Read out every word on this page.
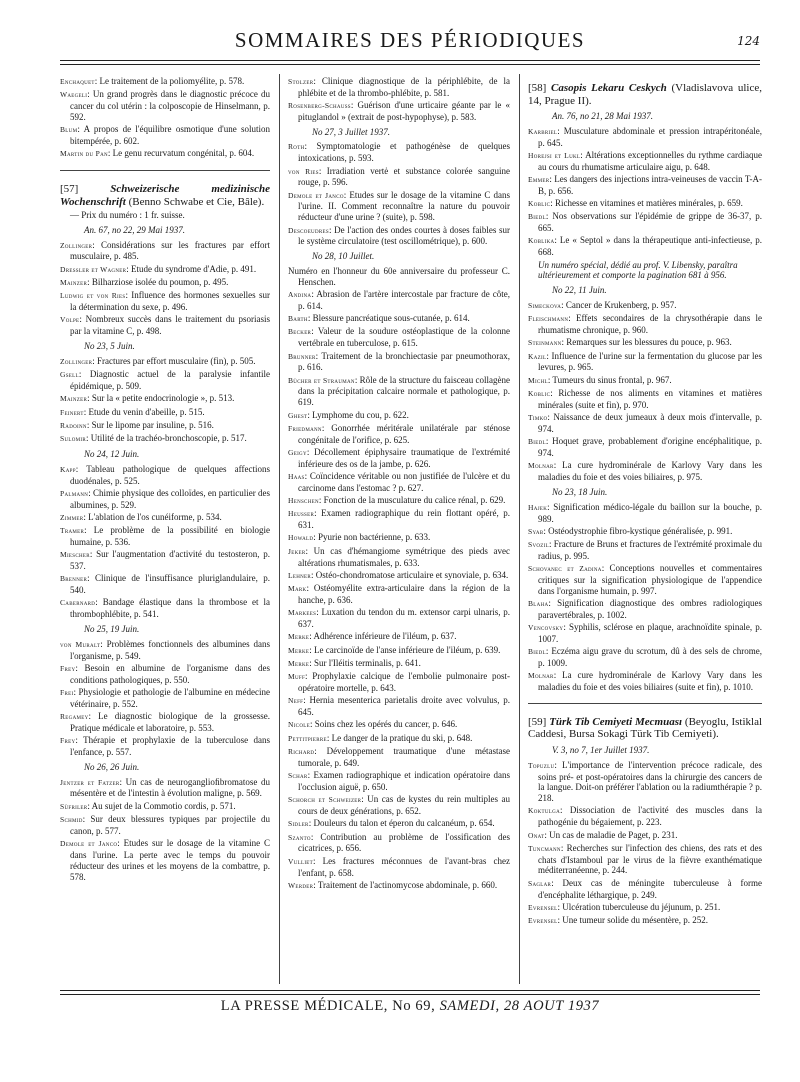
SOMMAIRES DES PÉRIODIQUES	124
Enchaquet: Le traitement de la poliomyélite, p. 578.
Waegeli: Un grand progrès dans le diagnostic précoce du cancer du col utérin : la colposcopie de Hinselmann, p. 592.
Blum: A propos de l'équilibre osmotique d'une solution bitempérée, p. 602.
Martin du Pan: Le genu recurvatum congénital, p. 604.
[57] Schweizerische medizinische Wochenschrift (Benno Schwabe et Cie, Bâle).
— Prix du numéro : 1 fr. suisse.
An. 67, no 22, 29 Mai 1937.
Zollinger: Considérations sur les fractures par effort musculaire, p. 485.
Dressler et Wagner: Etude du syndrome d'Adie, p. 491.
Mainzer: Bilharziose isolée du poumon, p. 495.
Ludwig et von Ries: Influence des hormones sexuelles sur la détermination du sexe, p. 496.
Volpe: Nombreux succès dans le traitement du psoriasis par la vitamine C, p. 498.
No 23, 5 Juin.
Zollinger: Fractures par effort musculaire (fin), p. 505.
Gsell: Diagnostic actuel de la paralysie infantile épidémique, p. 509.
Mainzer: Sur la « petite endocrinologie », p. 513.
Feinert: Etude du venin d'abeille, p. 515.
Radoinn: Sur le lipome par insuline, p. 516.
Sulomir: Utilité de la trachéo-bronchoscopie, p. 517.
No 24, 12 Juin.
Kapp: Tableau pathologique de quelques affections duodénales, p. 525.
Palmann: Chimie physique des colloïdes, en particulier des albumines, p. 529.
Zimmer: L'ablation de l'os cunéiforme, p. 534.
Tramer: Le problème de la possibilité en biologie humaine, p. 536.
Miescher: Sur l'augmentation d'activité du testosteron, p. 537.
Brenner: Clinique de l'insuffisance pluriglandulaire, p. 540.
Cabernard: Bandage élastique dans la thrombose et la thrombophlébite, p. 541.
No 25, 19 Juin.
von Muralt: Problèmes fonctionnels des albumines dans l'organisme, p. 549.
Frey: Besoin en albumine de l'organisme dans des conditions pathologiques, p. 550.
Frei: Physiologie et pathologie de l'albumine en médecine vétérinaire, p. 552.
Regamey: Le diagnostic biologique de la grossesse. Pratique médicale et laboratoire, p. 553.
Frey: Thérapie et prophylaxie de la tuberculose dans l'enfance, p. 557.
No 26, 26 Juin.
Jentzer et Fatzer: Un cas de neuroganglioﬁbromatose du mésentère et de l'intestin à évolution maligne, p. 569.
Süfriler: Au sujet de la Commotio cordis, p. 571.
Schmid: Sur deux blessures typiques par projectile du canon, p. 577.
Demole et Janco: Etudes sur le dosage de la vitamine C dans l'urine. La perte avec le temps du pouvoir réducteur des urines et les moyens de la combattre, p. 578.
Stolzer: Clinique diagnostique de la périphlébite, de la phlébite et de la thrombo-phlébite, p. 581.
Rosenberg-Schauss: Guérison d'une urticaire géante par le « pituglandol » (extrait de post-hypophyse), p. 583.
No 27, 3 Juillet 1937.
Roth: Symptomatologie et pathogénèse de quelques intoxications, p. 593.
von Ries: Irradiation vertė et substance colorée sanguine rouge, p. 596.
Demole et Janco: Etudes sur le dosage de la vitamine C dans l'urine. II. Comment reconnaître la nature du pouvoir réducteur d'une urine ? (suite), p. 598.
Descoeudres: De l'action des ondes courtes à doses faibles sur le système circulatoire (test oscillométrique), p. 600.
No 28, 10 Juillet.
Numéro en l'honneur du 60e anniversaire du professeur C. Henschen.
Andina: Abrasion de l'artère intercostale par fracture de côte, p. 614.
Barth: Blessure pancréatique sous-cutanée, p. 614.
Becker: Valeur de la soudure ostéoplastique de la colonne vertébrale en tuberculose, p. 615.
Brunner: Traitement de la bronchiectasie par pneumothorax, p. 616.
Bücher et Strauman: Rôle de la structure du faisceau collagène dans la précipitation calcaire normale et pathologique, p. 619.
Ghest: Lymphome du cou, p. 622.
Friedmann: Gonorrhée méritérale unilatérale par sténose congénitale de l'orifice, p. 625.
Geigy: Décollement épiphysaire traumatique de l'extrémité inférieure des os de la jambe, p. 626.
Haas: Coïncidence véritable ou non justifiée de l'ulcère et du carcinome dans l'estomac ? p. 627.
Henschen: Fonction de la musculature du calice rénal, p. 629.
Heusser: Examen radiographique du rein flottant opéré, p. 631.
Howald: Pyurie non bactérienne, p. 633.
Jeker: Un cas d'hémangiome symétrique des pieds avec altérations rhumatismales, p. 633.
Lehner: Ostéo-chondromatose articulaire et synoviale, p. 634.
Mark: Ostéomyélite extra-articulaire dans la région de la hanche, p. 636.
Markees: Luxation du tendon du m. extensor carpi ulnaris, p. 637.
Merke: Adhérence inférieure de l'iléum, p. 637.
Merke: Le carcinoïde de l'anse inférieure de l'iléum, p. 639.
Merke: Sur l'Iléitis terminalis, p. 641.
Muff: Prophylaxie calcique de l'embolie pulmonaire post-opératoire mortelle, p. 643.
Neff: Hernia mesenterica parietalis droite avec volvulus, p. 645.
Nicole: Soins chez les opérés du cancer, p. 646.
Pettitpierre: Le danger de la pratique du ski, p. 648.
Richard: Développement traumatique d'une métastase tumorale, p. 649.
Schar: Examen radiographique et indication opératoire dans l'occlusion aiguë, p. 650.
Schorch et Schweizer: Un cas de kystes du rein multiples au cours de deux générations, p. 652.
Sidler: Douleurs du talon et éperon du calcanéum, p. 654.
Szanto: Contribution au problème de l'ossification des cicatrices, p. 656.
Vulliet: Les fractures méconnues de l'avant-bras chez l'enfant, p. 658.
Werder: Traitement de l'actinomycose abdominale, p. 660.
[58] Casopis Lekaru Ceskych (Vladislavova ulice, 14, Prague II).
An. 76, no 21, 28 Mai 1937.
Karbriel: Musculature abdominale et pression intrapéritonéale, p. 645.
Horejsi et Lukl: Altérations exceptionnelles du rythme cardiaque au cours du rhumatisme articulaire aigu, p. 648.
Emmer: Les dangers des injections intra-veineuses de vaccin T-A-B, p. 656.
Koblic: Richesse en vitamines et matières minérales, p. 659.
Biedl: Nos observations sur l'épidémie de grippe de 36-37, p. 665.
Koblika: Le « Septol » dans la thérapeutique anti-infectieuse, p. 668.
Un numéro spécial, dédié au prof. V. Libensky, paraîtra ultérieurement et comporte la pagination 681 à 956.
No 22, 11 Juin.
Simeckova: Cancer de Krukenberg, p. 957.
Fleischmann: Effets secondaires de la chrysothérapie dans le rhumatisme chronique, p. 960.
Steinmann: Remarques sur les blessures du pouce, p. 963.
Kazil: Influence de l'urine sur la fermentation du glucose par les levures, p. 965.
Michl: Tumeurs du sinus frontal, p. 967.
Koblic: Richesse de nos aliments en vitamines et matières minérales (suite et fin), p. 970.
Timko: Naissance de deux jumeaux à deux mois d'intervalle, p. 974.
Biedl: Hoquet grave, probablement d'origine encéphalitique, p. 974.
Molnar: La cure hydrominérale de Karlovy Vary dans les maladies du foie et des voies biliaires, p. 975.
No 23, 18 Juin.
Hajek: Signification médico-légale du baillon sur la bouche, p. 989.
Syab: Ostéodystrophie fibro-kystique généralisée, p. 991.
Svozil: Fracture de Bruns et fractures de l'extrémité proximale du radius, p. 995.
Schovanec et Zadina: Conceptions nouvelles et commentaires critiques sur la signification physiologique de l'appendice dans l'organisme humain, p. 997.
Blaha: Signification diagnostique des ombres radiologiques paravertébrales, p. 1002.
Vencovsky: Syphilis, sclérose en plaque, arachnoïdite spinale, p. 1007.
Biedl: Eczéma aigu grave du scrotum, dû à des sels de chrome, p. 1009.
Molnar: La cure hydrominérale de Karlovy Vary dans les maladies du foie et des voies biliaires (suite et fin), p. 1010.
[59] Türk Tib Cemiyeti Mecmuası (Beyoglu, Istiklal Caddesi, Bursa Sokagi Türk Tib Cemiyeti).
V. 3, no 7, 1er Juillet 1937.
Topuzlu: L'importance de l'intervention précoce radicale, des soins pré- et post-opératoires dans la chirurgie des cancers de la langue. Doit-on préférer l'ablation ou la radiumthérapie ? p. 218.
Koktulga: Dissociation de l'activité des muscles dans la pathogénie du bégaiement, p. 223.
Onat: Un cas de maladie de Paget, p. 231.
Tuncmann: Recherches sur l'infection des chiens, des rats et des chats d'Istamboul par le virus de la fièvre exanthématique méditerranéenne, p. 244.
Saglar: Deux cas de méningite tuberculeuse à forme d'encéphalite léthargique, p. 249.
Evrensel: Ulcération tuberculeuse du jéjunum, p. 251.
Evrensel: Une tumeur solide du mésentère, p. 252.
LA PRESSE MÉDICALE, No 69, SAMEDI, 28 AOUT 1937
